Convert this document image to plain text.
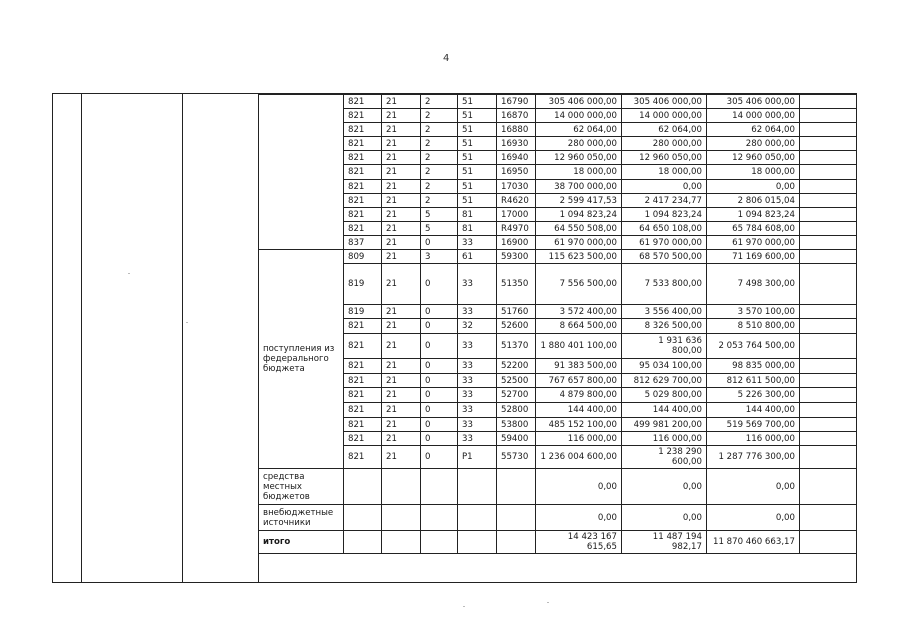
4
	821	21	2	51	16790	305 406 000,00	305 406 000,00	305 406 000,00	
	821	21	2	51	16870	14 000 000,00	14 000 000,00	14 000 000,00	
	821	21	2	51	16880	62 064,00	62 064,00	62 064,00	
	821	21	2	51	16930	280 000,00	280 000,00	280 000,00	
	821	21	2	51	16940	12 960 050,00	12 960 050,00	12 960 050,00	
	821	21	2	51	16950	18 000,00	18 000,00	18 000,00	
	821	21	2	51	17030	38 700 000,00	0,00	0,00	
	821	21	2	51	R4620	2 599 417,53	2 417 234,77	2 806 015,04	
	821	21	5	81	17000	1 094 823,24	1 094 823,24	1 094 823,24	
	821	21	5	81	R4970	64 550 508,00	64 650 108,00	65 784 608,00	
	837	21	0	33	16900	61 970 000,00	61 970 000,00	61 970 000,00	
поступления из федерального бюджета	809	21	3	61	59300	115 623 500,00	68 570 500,00	71 169 600,00	
	819	21	0	33	51350	7 556 500,00	7 533 800,00	7 498 300,00	
	819	21	0	33	51760	3 572 400,00	3 556 400,00	3 570 100,00	
	821	21	0	32	52600	8 664 500,00	8 326 500,00	8 510 800,00	
	821	21	0	33	51370	1 880 401 100,00	1 931 636 800,00	2 053 764 500,00	
	821	21	0	33	52200	91 383 500,00	95 034 100,00	98 835 000,00	
	821	21	0	33	52500	767 657 800,00	812 629 700,00	812 611 500,00	
	821	21	0	33	52700	4 879 800,00	5 029 800,00	5 226 300,00	
	821	21	0	33	52800	144 400,00	144 400,00	144 400,00	
	821	21	0	33	53800	485 152 100,00	499 981 200,00	519 569 700,00	
	821	21	0	33	59400	116 000,00	116 000,00	116 000,00	
	821	21	0	P1	55730	1 236 004 600,00	1 238 290 600,00	1 287 776 300,00	
средства местных бюджетов						0,00	0,00	0,00	
внебюджетные источники						0,00	0,00	0,00	
итого						14 423 167 615,65	11 487 194 982,17	11 870 460 663,17	
